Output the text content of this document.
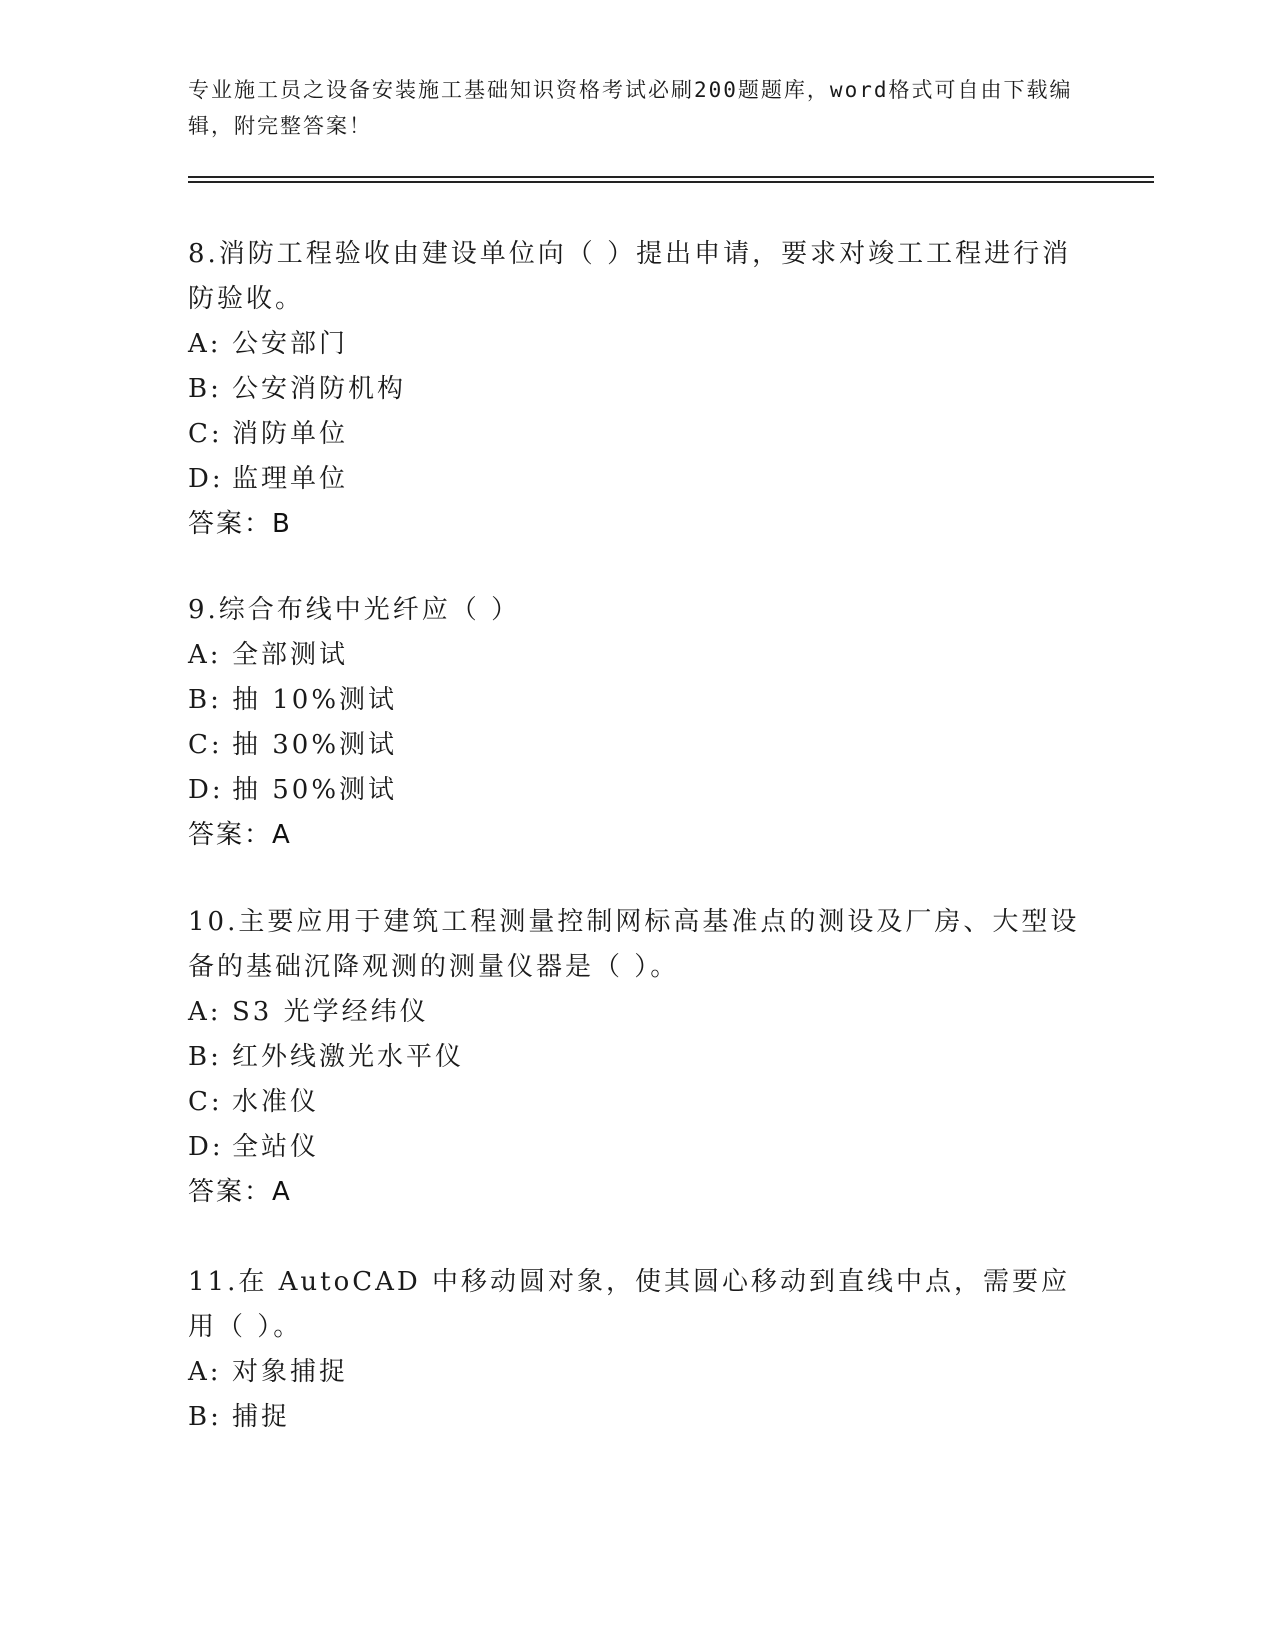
专业施工员之设备安装施工基础知识资格考试必刷200题题库，word格式可自由下载编辑，附完整答案！

8.消防工程验收由建设单位向（ ）提出申请，要求对竣工工程进行消防验收。

A: 公安部门
B: 公安消防机构
C: 消防单位
D: 监理单位
答案：B

9.综合布线中光纤应（ ）

A: 全部测试
B: 抽 10%测试
C: 抽 30%测试
D: 抽 50%测试
答案：A

10.主要应用于建筑工程测量控制网标高基准点的测设及厂房、大型设备的基础沉降观测的测量仪器是（ ）。

A: S3 光学经纬仪
B: 红外线激光水平仪
C: 水准仪
D: 全站仪
答案：A

11.在 AutoCAD 中移动圆对象，使其圆心移动到直线中点，需要应用（ ）。

A: 对象捕捉
B: 捕捉
